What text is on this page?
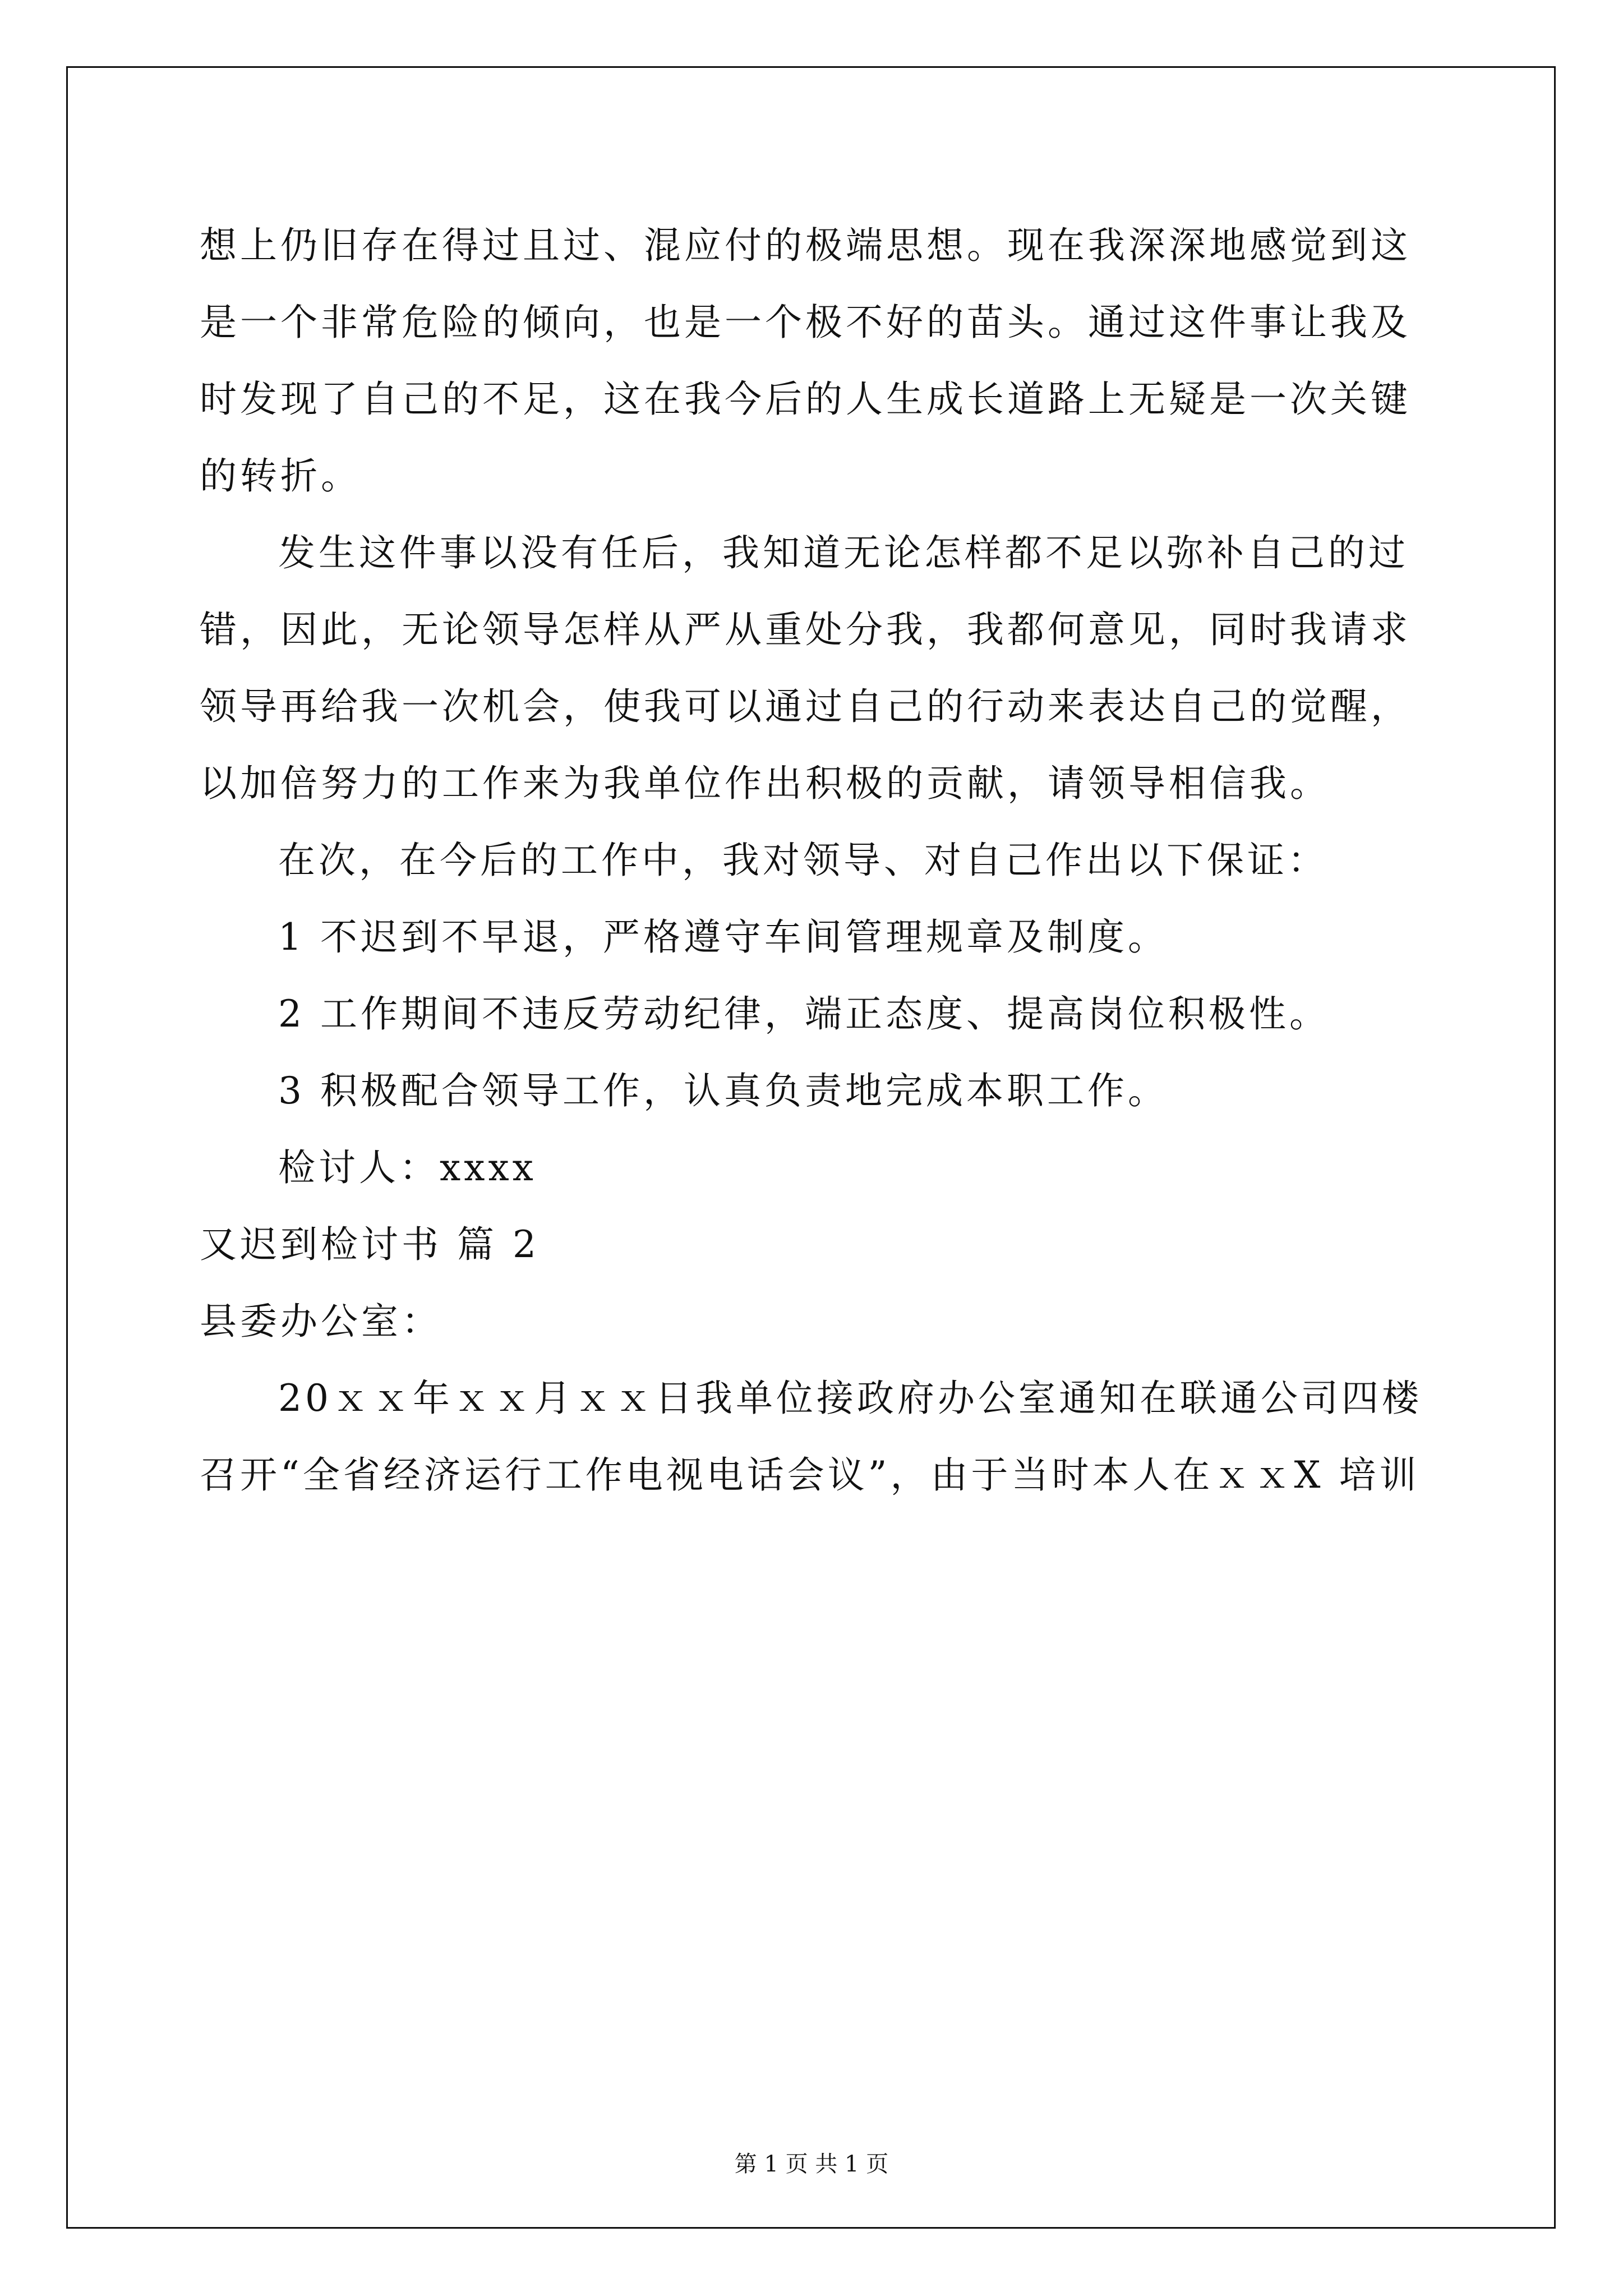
想上仍旧存在得过且过、混应付的极端思想。现在我深深地感觉到这
是一个非常危险的倾向，也是一个极不好的苗头。通过这件事让我及
时发现了自己的不足，这在我今后的人生成长道路上无疑是一次关键
的转折。
发生这件事以没有任后，我知道无论怎样都不足以弥补自己的过
错，因此，无论领导怎样从严从重处分我，我都何意见，同时我请求
领导再给我一次机会，使我可以通过自己的行动来表达自己的觉醒，
以加倍努力的工作来为我单位作出积极的贡献，请领导相信我。
在次，在今后的工作中，我对领导、对自己作出以下保证：
1 不迟到不早退，严格遵守车间管理规章及制度。
2 工作期间不违反劳动纪律，端正态度、提高岗位积极性。
3 积极配合领导工作，认真负责地完成本职工作。
检讨人：xxxx
又迟到检讨书 篇 2
县委办公室：
20ｘｘ年ｘｘ月ｘｘ日我单位接政府办公室通知在联通公司四楼
召开“全省经济运行工作电视电话会议”，由于当时本人在ｘｘX 培训
第 1 页 共 1 页
